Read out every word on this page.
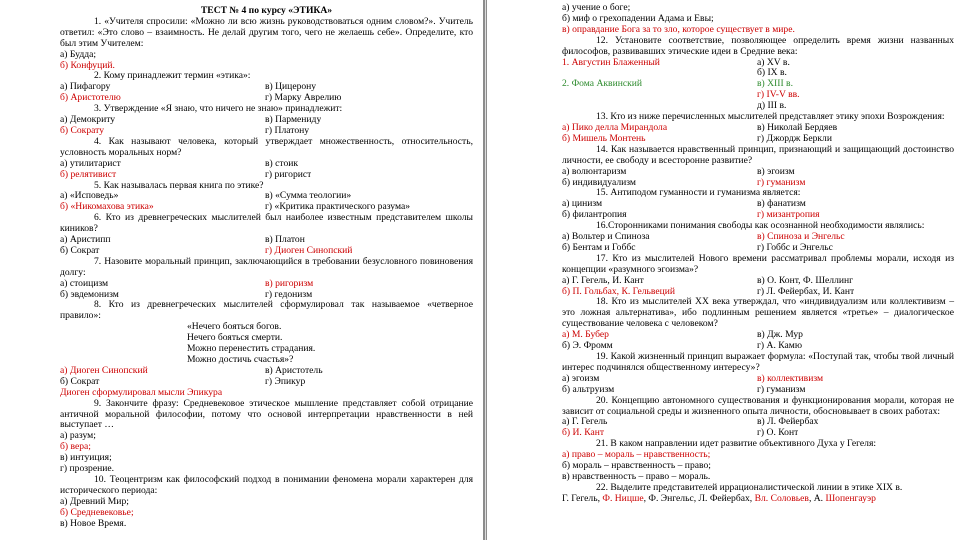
ТЕСТ № 4 по курсу «ЭТИКА»
1. «Учителя спросили: «Можно ли всю жизнь руководствоваться одним словом?». Учитель ответил: «Это слово – взаимность. Не делай другим того, чего не желаешь себе». Определите, кто был этим Учителем:
а) Будда;
б) Конфуций.
2. Кому принадлежит термин «этика»:
а) Пифагору	в) Цицерону
б) Аристотелю	г) Марку Аврелию
3. Утверждение «Я знаю, что ничего не знаю» принадлежит:
а) Демокриту	в) Пармениду
б) Сократу	г) Платону
4. Как называют человека, который утверждает множественность, относительность, условность моральных норм?
а) утилитарист	в) стоик
б) релятивист	г) ригорист
5. Как называлась первая книга по этике?
а) «Исповедь»	в) «Сумма теологии»
б) «Никомахова этика»	г) «Критика практического разума»
6. Кто из древнегреческих мыслителей был наиболее известным представителем школы киников?
а) Аристипп	в) Платон
б) Сократ	г) Диоген Синопский
7. Назовите моральный принцип, заключающийся в требовании безусловного повиновения долгу:
а) стоицизм	в) ригоризм
б) эвдемонизм	г) гедонизм
8. Кто из древнегреческих мыслителей сформулировал так называемое «четверное правило»:
«Нечего бояться богов.
Нечего бояться смерти.
Можно перенестить страдания.
Можно достичь счастья»?
а) Диоген Синопский	в) Аристотель
б) Сократ	г) Эпикур
Диоген сформулировал мысли Эпикура
9. Закончите фразу: Средневековое этическое мышление представляет собой отрицание античной моральной философии, потому что основой интерпретации нравственности в ней выступает …
а) разум;
б) вера;
в) интуиция;
г) прозрение.
10. Теоцентризм как философский подход в понимании феномена морали характерен для исторического периода:
а) Древний Мир;
б) Средневековье;
в) Новое Время.
а) учение о боге;
б) миф о грехопадении Адама и Евы;
в) оправдание Бога за то зло, которое существует в мире.
12. Установите соответствие, позволяющее определить время жизни названных философов, развивавших этические идеи в Средние века:
1. Августин Блаженный	а) XV в.
б) IX в.
2. Фома Аквинский	в) XIII в.
г) IV-V вв.
д) III в.
13. Кто из ниже перечисленных мыслителей представляет этику эпохи Возрождения:
а) Пико делла Мирандола	в) Николай Бердяев
б) Мишель Монтень	г) Джордж Беркли
14. Как называется нравственный принцип, признающий и защищающий достоинство личности, ее свободу и всесторонне развитие?
а) волюнтаризм	в) эгоизм
б) индивидуализм	г) гуманизм
15. Антиподом гуманности и гуманизма является:
а) цинизм	в) фанатизм
б) филантропия	г) мизантропия
16.Сторонниками понимания свободы как осознанной необходимости являлись:
а) Вольтер и Спиноза	в) Спиноза и Энгельс
б) Бентам и Гоббс	г) Гоббс и Энгельс
17. Кто из мыслителей Нового времени рассматривал проблемы морали, исходя из концепции «разумного эгоизма»?
а) Г. Гегель, И. Кант	в) О. Конт, Ф. Шеллинг
б) П. Гольбах, К. Гельвеций	г) Л. Фейербах, И. Кант
18. Кто из мыслителей XX века утверждал, что «индивидуализм или коллективизм – это ложная альтернатива», ибо подлинным решением является «третье» – диалогическое существование человека с человеком?
а) М. Бубер	в) Дж. Мур
б) Э. Фромм	г) А. Камю
19. Какой жизненный принцип выражает формула: «Поступай так, чтобы твой личный интерес подчинялся общественному интересу»?
а) эгоизм	в) коллективизм
б) альтруизм	г) гуманизм
20. Концепцию автономного существования и функционирования морали, которая не зависит от социальной среды и жизненного опыта личности, обосновывает в своих работах:
а) Г. Гегель	в) Л. Фейербах
б) И. Кант	г) О. Конт
21. В каком направлении идет развитие объективного Духа у Гегеля:
а) право – мораль – нравственность;
б) мораль – нравственность – право;
в) нравственность – право – мораль.
22. Выделите представителей иррационалистической линии в этике XIX в.
Г. Гегель, Ф. Ницше, Ф. Энгельс, Л. Фейербах, Вл. Соловьев, А. Шопенгауэр
